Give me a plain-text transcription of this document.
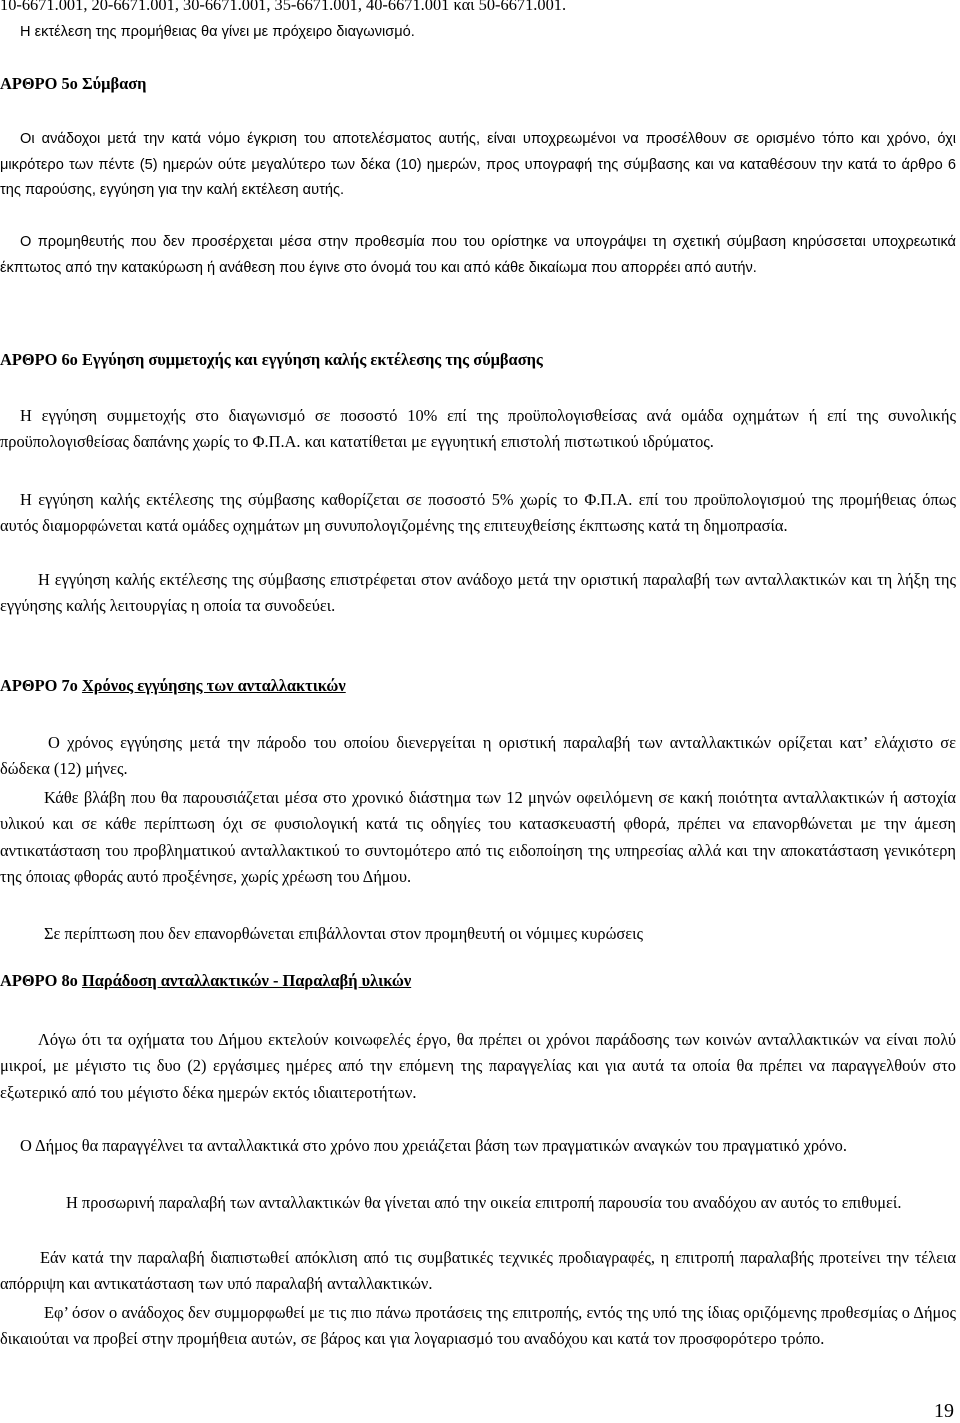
10-6671.001, 20-6671.001, 30-6671.001, 35-6671.001, 40-6671.001 και 50-6671.001.
Η εκτέλεση της προμήθειας θα γίνει με πρόχειρο διαγωνισμό.
ΑΡΘΡΟ 5ο Σύμβαση

Οι ανάδοχοι μετά την κατά νόμο έγκριση του αποτελέσματος αυτής, είναι υποχρεωμένοι να προσέλθουν σε ορισμένο τόπο και χρόνο, όχι μικρότερο των πέντε (5) ημερών ούτε μεγαλύτερο των δέκα (10) ημερών, προς υπογραφή της σύμβασης και να καταθέσουν την κατά το άρθρο 6 της παρούσης, εγγύηση για την καλή εκτέλεση αυτής.

Ο προμηθευτής που δεν προσέρχεται μέσα στην προθεσμία που του ορίστηκε να υπογράψει τη σχετική σύμβαση κηρύσσεται υποχρεωτικά έκπτωτος από την κατακύρωση ή ανάθεση που έγινε στο όνομά του και από κάθε δικαίωμα που απορρέει από αυτήν.

ΑΡΘΡΟ 6ο Εγγύηση συμμετοχής και εγγύηση καλής εκτέλεσης της σύμβασης

Η εγγύηση συμμετοχής στο διαγωνισμό σε ποσοστό 10% επί της προϋπολογισθείσας ανά ομάδα οχημάτων ή επί της συνολικής προϋπολογισθείσας δαπάνης χωρίς το Φ.Π.Α. και κατατίθεται με εγγυητική επιστολή πιστωτικού ιδρύματος.

Η εγγύηση καλής εκτέλεσης της σύμβασης καθορίζεται σε ποσοστό 5% χωρίς το Φ.Π.Α. επί του προϋπολογισμού της προμήθειας όπως αυτός διαμορφώνεται κατά ομάδες οχημάτων μη συνυπολογιζομένης της επιτευχθείσης έκπτωσης κατά τη δημοπρασία.

Η εγγύηση καλής εκτέλεσης της σύμβασης επιστρέφεται στον ανάδοχο μετά την οριστική παραλαβή των ανταλλακτικών και τη λήξη της εγγύησης καλής λειτουργίας η οποία τα συνοδεύει.

ΑΡΘΡΟ 7ο Χρόνος εγγύησης των ανταλλακτικών

Ο χρόνος εγγύησης μετά την πάροδο του οποίου διενεργείται η οριστική παραλαβή των ανταλλακτικών ορίζεται κατ’ ελάχιστο σε δώδεκα (12) μήνες.

Κάθε βλάβη που θα παρουσιάζεται μέσα στο χρονικό διάστημα των 12 μηνών οφειλόμενη σε κακή ποιότητα ανταλλακτικών ή αστοχία υλικού και σε κάθε περίπτωση όχι σε φυσιολογική κατά τις οδηγίες του κατασκευαστή φθορά, πρέπει να επανορθώνεται με την άμεση αντικατάσταση του προβληματικού ανταλλακτικού το συντομότερο από τις ειδοποίηση της υπηρεσίας αλλά και την αποκατάσταση γενικότερη της όποιας φθοράς αυτό προξένησε, χωρίς χρέωση του Δήμου.

Σε περίπτωση που δεν επανορθώνεται επιβάλλονται στον προμηθευτή οι νόμιμες κυρώσεις

ΑΡΘΡΟ 8ο Παράδοση ανταλλακτικών - Παραλαβή υλικών

Λόγω ότι τα οχήματα του Δήμου εκτελούν κοινωφελές έργο, θα πρέπει οι χρόνοι παράδοσης των κοινών ανταλλακτικών να είναι πολύ μικροί, με μέγιστο τις δυο (2) εργάσιμες ημέρες από την επόμενη της παραγγελίας και για αυτά τα οποία θα πρέπει να παραγγελθούν στο εξωτερικό από του μέγιστο δέκα ημερών εκτός ιδιαιτεροτήτων.

Ο Δήμος θα παραγγέλνει τα ανταλλακτικά στο χρόνο που χρειάζεται βάση των πραγματικών αναγκών του πραγματικό χρόνο.

Η προσωρινή παραλαβή των ανταλλακτικών θα γίνεται από την οικεία επιτροπή παρουσία του αναδόχου αν αυτός το επιθυμεί.

Εάν κατά την παραλαβή διαπιστωθεί απόκλιση από τις συμβατικές τεχνικές προδιαγραφές, η επιτροπή παραλαβής προτείνει την τέλεια απόρριψη και αντικατάσταση των υπό παραλαβή ανταλλακτικών.

Εφ’ όσον ο ανάδοχος δεν συμμορφωθεί με τις πιο πάνω προτάσεις της επιτροπής, εντός της υπό της ίδιας οριζόμενης προθεσμίας ο Δήμος δικαιούται να προβεί στην προμήθεια αυτών, σε βάρος και για λογαριασμό του αναδόχου και κατά τον προσφορότερο τρόπο.

19
